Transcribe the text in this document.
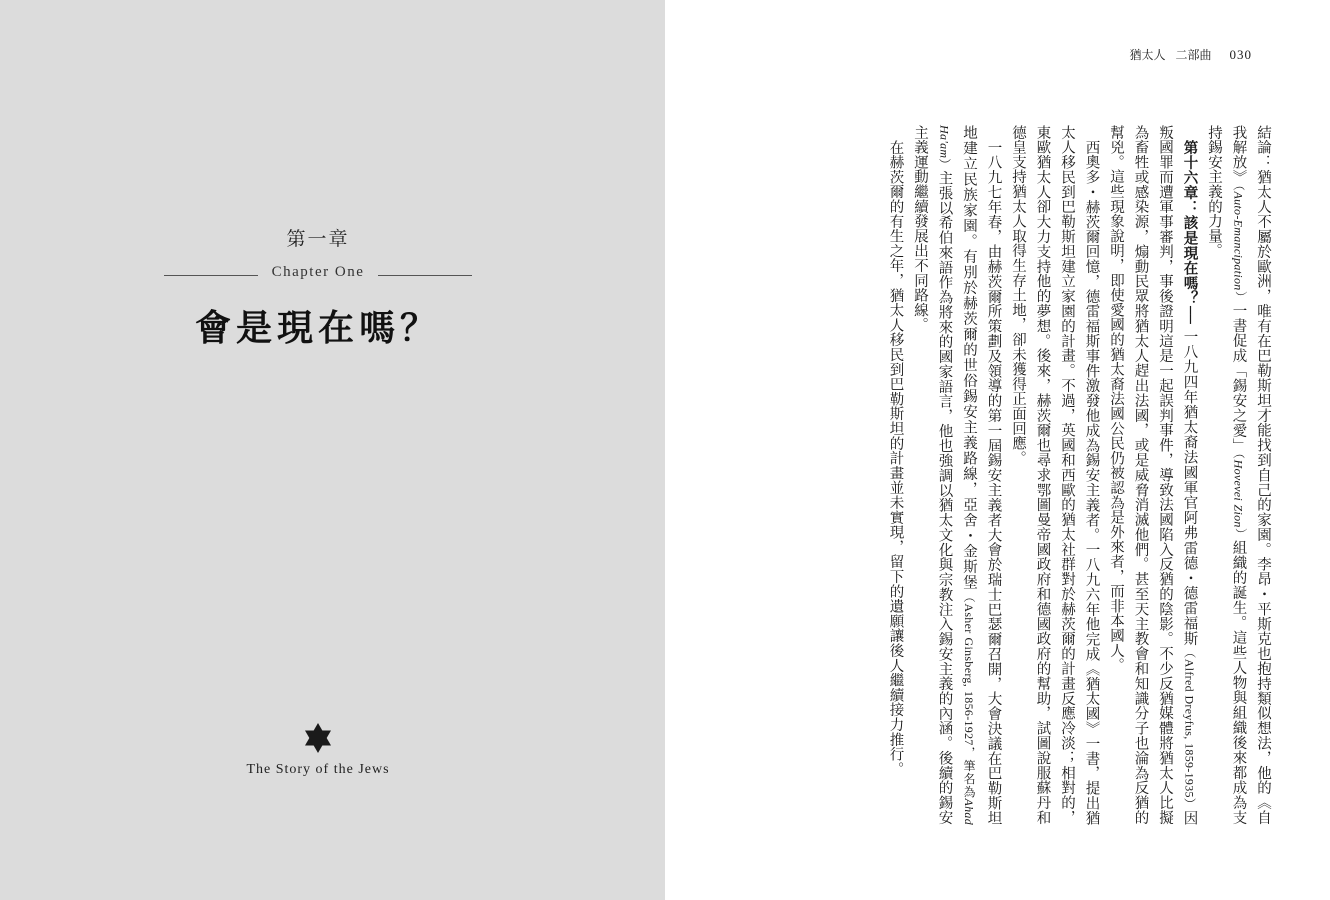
第一章
Chapter One
會是現在嗎？
The Story of the Jews
猶太人 二部曲 030

結論：猶太人不屬於歐洲，唯有在巴勒斯坦才能找到自己的家園。李昂・平斯克也抱持類似想法，他的《自我解放》（Auto-Emancipation）一書促成「錫安之愛」（Hovevei Zion）組織的誕生。這些人物與組織後來都成為支持錫安主義的力量。

第十六章：該是現在嗎？── 一八九四年猶太裔法國軍官阿弗雷德・德雷福斯（Alfred Dreyfus, 1859-1935）因叛國罪而遭軍事審判，事後證明這是一起誤判事件，導致法國陷入反猶的陰影。不少反猶媒體將猶太人比擬為畜牲或感染源，煽動民眾將猶太人趕出法國，或是威脅消滅他們。甚至天主教會和知識分子也淪為反猶的幫兇。這些現象說明，即使愛國的猶太裔法國公民仍被認為是外來者，而非本國人。

西奧多・赫茨爾回憶，德雷福斯事件激發他成為錫安主義者。一八九六年他完成《猶太國》一書，提出猶太人移民到巴勒斯坦建立家園的計畫。不過，英國和西歐的猶太社群對於赫茨爾的計畫反應冷淡；相對的，東歐猶太人卻大力支持他的夢想。後來，赫茨爾也尋求鄂圖曼帝國政府和德國政府的幫助，試圖說服蘇丹和德皇支持猶太人取得生存土地，卻未獲得正面回應。

一八九七年春，由赫茨爾所策劃及領導的第一屆錫安主義者大會於瑞士巴瑟爾召開，大會決議在巴勒斯坦地建立民族家園。有別於赫茨爾的世俗錫安主義路線，亞舍・金斯堡（Asher Ginsberg, 1856-1927，筆名為Ahad Ha'am）主張以希伯來語作為將來的國家語言，他也強調以猶太文化與宗教注入錫安主義的內涵。後續的錫安主義運動繼續發展出不同路線。

在赫茨爾的有生之年，猶太人移民到巴勒斯坦的計畫並未實現，留下的遺願讓後人繼續接力推行。
